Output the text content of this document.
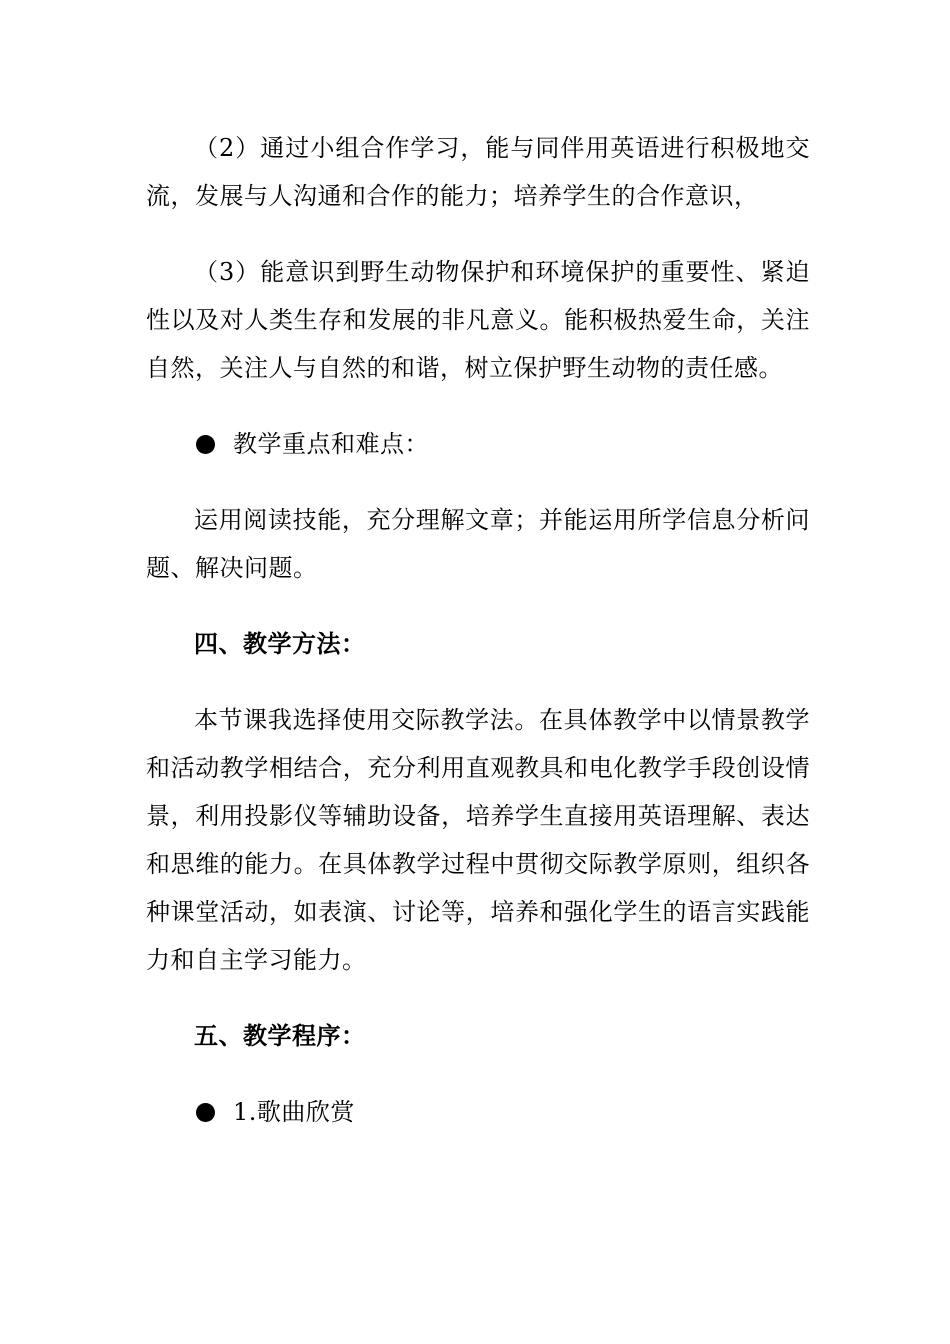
（2）通过小组合作学习，能与同伴用英语进行积极地交流，发展与人沟通和合作的能力；培养学生的合作意识，

（3）能意识到野生动物保护和环境保护的重要性、紧迫性以及对人类生存和发展的非凡意义。能积极热爱生命，关注自然，关注人与自然的和谐，树立保护野生动物的责任感。

教学重点和难点：

运用阅读技能，充分理解文章；并能运用所学信息分析问题、解决问题。

四、教学方法：

本节课我选择使用交际教学法。在具体教学中以情景教学和活动教学相结合，充分利用直观教具和电化教学手段创设情景，利用投影仪等辅助设备，培养学生直接用英语理解、表达和思维的能力。在具体教学过程中贯彻交际教学原则，组织各种课堂活动，如表演、讨论等，培养和强化学生的语言实践能力和自主学习能力。

五、教学程序：

1.歌曲欣赏
